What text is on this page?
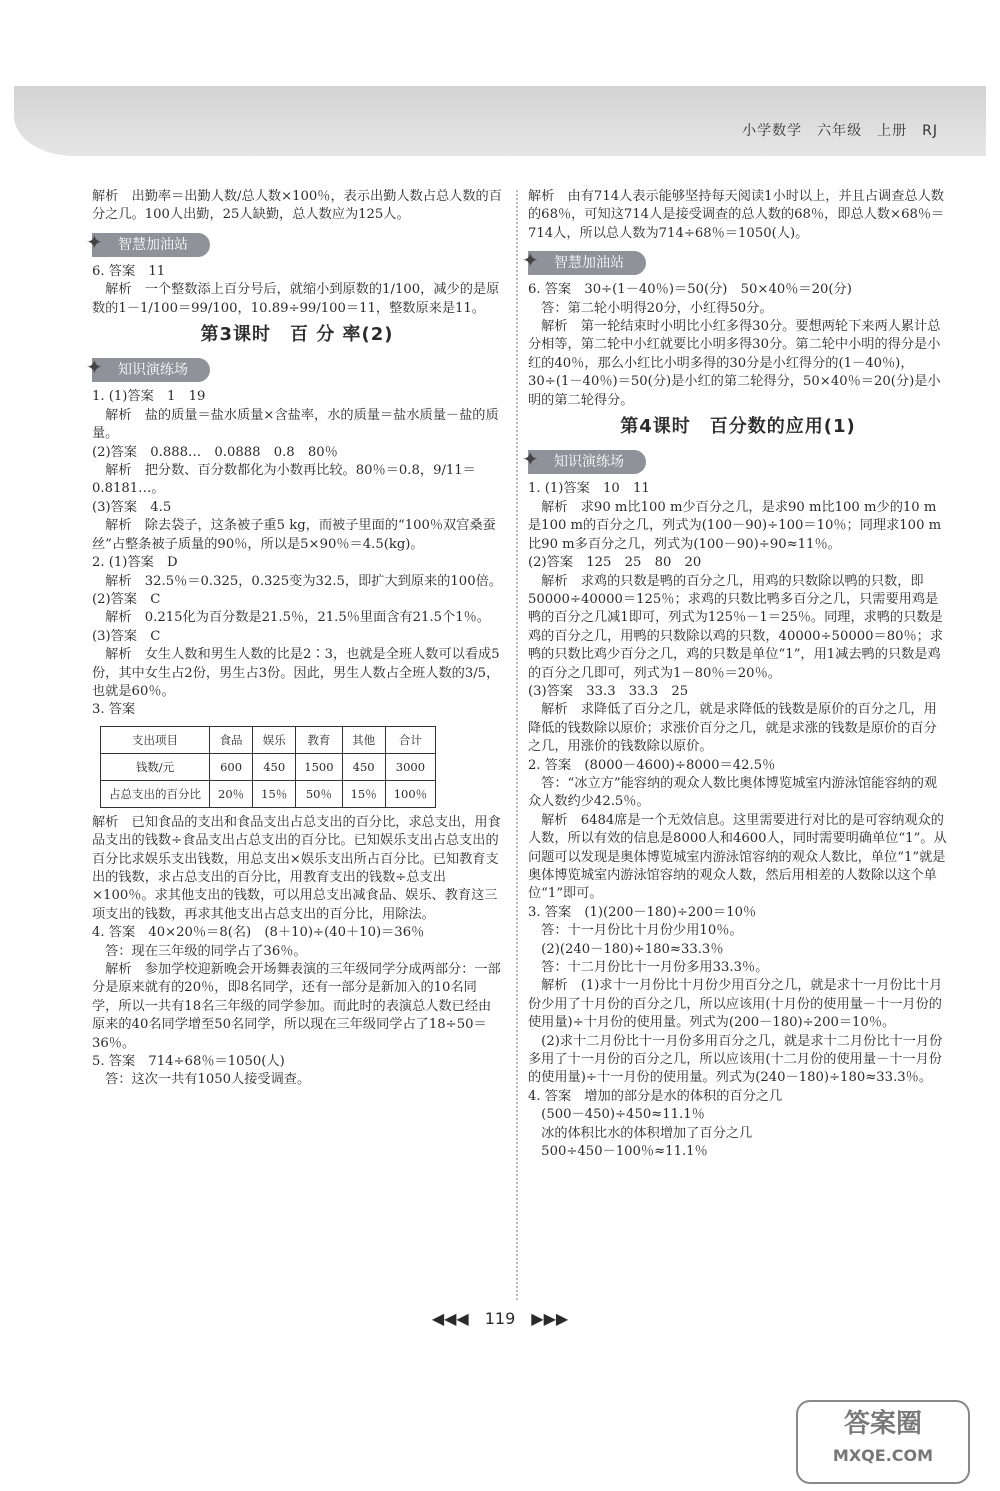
小学数学　六年级　上册　RJ

解析　出勤率＝出勤人数/总人数×100％，表示出勤人数占总人数的百分之几。100人出勤，25人缺勤，总人数应为125人。

✦ 智慧加油站

6. 答案　11

　解析　一个整数添上百分号后，就缩小到原数的1/100，减少的是原数的1－1/100＝99/100，10.89÷99/100＝11，整数原来是11。

第3课时　百 分 率(2)
✦ 知识演练场

1. (1)答案　1　19

　解析　盐的质量＝盐水质量×含盐率，水的质量＝盐水质量－盐的质量。

(2)答案　0.888…　0.0888　0.8　80％

　解析　把分数、百分数都化为小数再比较。80％＝0.8，9/11＝0.8181…。

(3)答案　4.5

　解析　除去袋子，这条被子重5 kg，而被子里面的“100％双宫桑蚕丝”占整条被子质量的90％，所以是5×90％＝4.5(kg)。

2. (1)答案　D

　解析　32.5％＝0.325，0.325变为32.5，即扩大到原来的100倍。

(2)答案　C

　解析　0.215化为百分数是21.5％，21.5％里面含有21.5个1％。

(3)答案　C

　解析　女生人数和男生人数的比是2∶3，也就是全班人数可以看成5份，其中女生占2份，男生占3份。因此，男生人数占全班人数的3/5，也就是60％。

3. 答案

支出项目	食品	娱乐	教育	其他	合计
钱数/元	600	450	1500	450	3000
占总支出的百分比	20％	15％	50％	15％	100％

解析　已知食品的支出和食品支出占总支出的百分比，求总支出，用食品支出的钱数÷食品支出占总支出的百分比。已知娱乐支出占总支出的百分比求娱乐支出钱数，用总支出×娱乐支出所占百分比。已知教育支出的钱数，求占总支出的百分比，用教育支出的钱数÷总支出×100％。求其他支出的钱数，可以用总支出减食品、娱乐、教育这三项支出的钱数，再求其他支出占总支出的百分比，用除法。

4. 答案　40×20％＝8(名)　(8＋10)÷(40＋10)＝36％

　答：现在三年级的同学占了36％。

　解析　参加学校迎新晚会开场舞表演的三年级同学分成两部分：一部分是原来就有的20％，即8名同学，还有一部分是新加入的10名同学，所以一共有18名三年级的同学参加。而此时的表演总人数已经由原来的40名同学增至50名同学，所以现在三年级同学占了18÷50＝36％。

5. 答案　714÷68％＝1050(人)

　答：这次一共有1050人接受调查。

解析　由有714人表示能够坚持每天阅读1小时以上，并且占调查总人数的68％，可知这714人是接受调查的总人数的68％，即总人数×68％＝714人，所以总人数为714÷68％＝1050(人)。

✦ 智慧加油站

6. 答案　30÷(1－40％)＝50(分)　50×40％＝20(分)

　答：第二轮小明得20分，小红得50分。

　解析　第一轮结束时小明比小红多得30分。要想两轮下来两人累计总分相等，第二轮中小红就要比小明多得30分。第二轮中小明的得分是小红的40％，那么小红比小明多得的30分是小红得分的(1－40％)，30÷(1－40％)＝50(分)是小红的第二轮得分，50×40％＝20(分)是小明的第二轮得分。

第4课时　百分数的应用(1)
✦ 知识演练场

1. (1)答案　10　11

　解析　求90 m比100 m少百分之几，是求90 m比100 m少的10 m是100 m的百分之几，列式为(100－90)÷100＝10％；同理求100 m比90 m多百分之几，列式为(100－90)÷90≈11％。

(2)答案　125　25　80　20

　解析　求鸡的只数是鸭的百分之几，用鸡的只数除以鸭的只数，即50000÷40000＝125％；求鸡的只数比鸭多百分之几，只需要用鸡是鸭的百分之几减1即可，列式为125％－1＝25％。同理，求鸭的只数是鸡的百分之几，用鸭的只数除以鸡的只数，40000÷50000＝80％；求鸭的只数比鸡少百分之几，鸡的只数是单位“1”，用1减去鸭的只数是鸡的百分之几即可，列式为1－80％＝20％。

(3)答案　33.3　33.3　25

　解析　求降低了百分之几，就是求降低的钱数是原价的百分之几，用降低的钱数除以原价；求涨价百分之几，就是求涨的钱数是原价的百分之几，用涨价的钱数除以原价。

2. 答案　(8000－4600)÷8000＝42.5％

　答：“冰立方”能容纳的观众人数比奥体博览城室内游泳馆能容纳的观众人数约少42.5％。

　解析　6484席是一个无效信息。这里需要进行对比的是可容纳观众的人数，所以有效的信息是8000人和4600人，同时需要明确单位“1”。从问题可以发现是奥体博览城室内游泳馆容纳的观众人数比，单位“1”就是奥体博览城室内游泳馆容纳的观众人数，然后用相差的人数除以这个单位“1”即可。

3. 答案　(1)(200－180)÷200＝10％

　答：十一月份比十月份少用10％。

　(2)(240－180)÷180≈33.3％

　答：十二月份比十一月份多用33.3％。

　解析　(1)求十一月份比十月份少用百分之几，就是求十一月份比十月份少用了十月份的百分之几，所以应该用(十月份的使用量－十一月份的使用量)÷十月份的使用量。列式为(200－180)÷200＝10％。

　(2)求十二月份比十一月份多用百分之几，就是求十二月份比十一月份多用了十一月份的百分之几，所以应该用(十二月份的使用量－十一月份的使用量)÷十一月份的使用量。列式为(240－180)÷180≈33.3％。

4. 答案　增加的部分是水的体积的百分之几

　(500－450)÷450≈11.1％

　冰的体积比水的体积增加了百分之几

　500÷450－100％≈11.1％

◀◀◀　119　▶▶▶
答案圈
MXQE.COM
